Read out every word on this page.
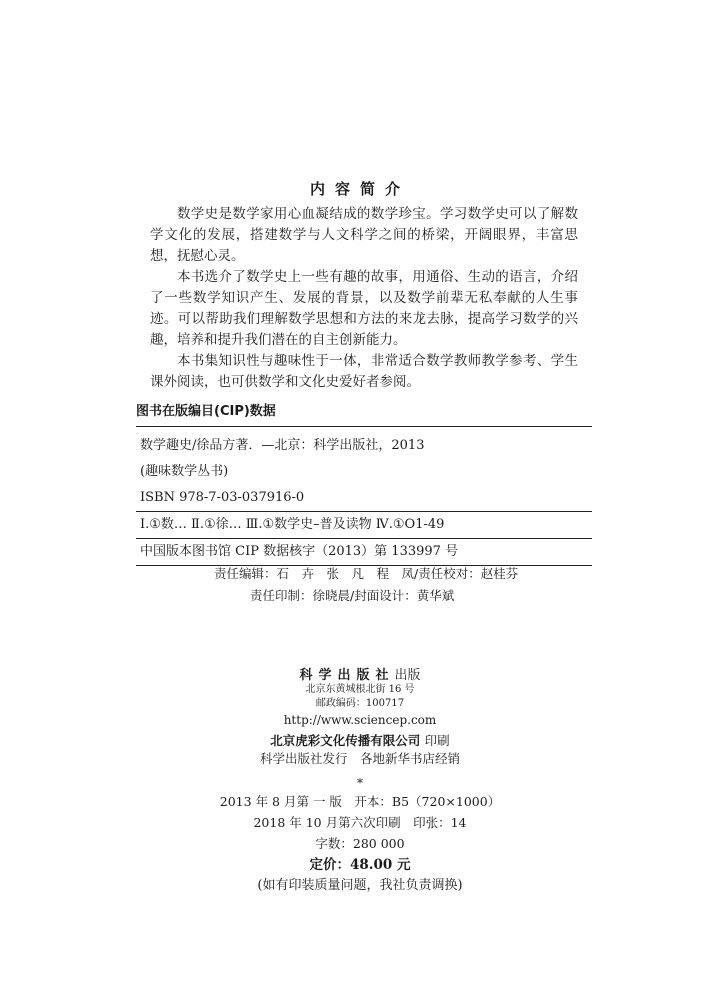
内容简介

数学史是数学家用心血凝结成的数学珍宝。学习数学史可以了解数学文化的发展，搭建数学与人文科学之间的桥梁，开阔眼界，丰富思想，抚慰心灵。

本书选介了数学史上一些有趣的故事，用通俗、生动的语言，介绍了一些数学知识产生、发展的背景，以及数学前辈无私奉献的人生事迹。可以帮助我们理解数学思想和方法的来龙去脉，提高学习数学的兴趣，培养和提升我们潜在的自主创新能力。

本书集知识性与趣味性于一体，非常适合数学教师教学参考、学生课外阅读，也可供数学和文化史爱好者参阅。

图书在版编目(CIP)数据
数学趣史/徐品方著．—北京：科学出版社，2013
(趣味数学丛书)
ISBN 978-7-03-037916-0
Ⅰ.①数… Ⅱ.①徐… Ⅲ.①数学史–普及读物 Ⅳ.①O1-49
中国版本图书馆 CIP 数据核字（2013）第 133997 号
责任编辑：石　卉　张　凡　程　凤/责任校对：赵桂芬
责任印制：徐晓晨/封面设计：黄华斌
科学出版社出版
北京东黄城根北街 16 号
邮政编码：100717
http://www.sciencep.com
北京虎彩文化传播有限公司 印刷
科学出版社发行　各地新华书店经销
*
2013 年 8 月第 一 版　开本：B5（720×1000）
2018 年 10 月第六次印刷　印张：14
字数：280 000
定价：48.00 元
(如有印装质量问题，我社负责调换)
